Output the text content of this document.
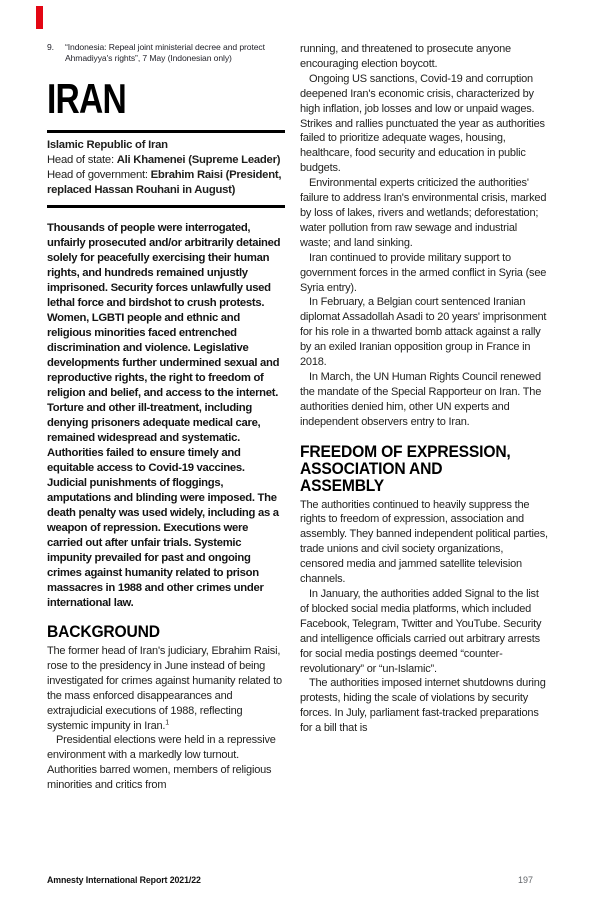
9.	“Indonesia: Repeal joint ministerial decree and protect Ahmadiyya's rights”, 7 May (Indonesian only)
IRAN
Islamic Republic of Iran
Head of state: Ali Khamenei (Supreme Leader)
Head of government: Ebrahim Raisi (President, replaced Hassan Rouhani in August)

Thousands of people were interrogated, unfairly prosecuted and/or arbitrarily detained solely for peacefully exercising their human rights, and hundreds remained unjustly imprisoned. Security forces unlawfully used lethal force and birdshot to crush protests. Women, LGBTI people and ethnic and religious minorities faced entrenched discrimination and violence. Legislative developments further undermined sexual and reproductive rights, the right to freedom of religion and belief, and access to the internet. Torture and other ill-treatment, including denying prisoners adequate medical care, remained widespread and systematic. Authorities failed to ensure timely and equitable access to Covid-19 vaccines. Judicial punishments of floggings, amputations and blinding were imposed. The death penalty was used widely, including as a weapon of repression. Executions were carried out after unfair trials. Systemic impunity prevailed for past and ongoing crimes against humanity related to prison massacres in 1988 and other crimes under international law.

BACKGROUND

The former head of Iran's judiciary, Ebrahim Raisi, rose to the presidency in June instead of being investigated for crimes against humanity related to the mass enforced disappearances and extrajudicial executions of 1988, reflecting systemic impunity in Iran.$^1$

Presidential elections were held in a repressive environment with a markedly low turnout. Authorities barred women, members of religious minorities and critics from

running, and threatened to prosecute anyone encouraging election boycott.

Ongoing US sanctions, Covid-19 and corruption deepened Iran's economic crisis, characterized by high inflation, job losses and low or unpaid wages. Strikes and rallies punctuated the year as authorities failed to prioritize adequate wages, housing, healthcare, food security and education in public budgets.

Environmental experts criticized the authorities' failure to address Iran's environmental crisis, marked by loss of lakes, rivers and wetlands; deforestation; water pollution from raw sewage and industrial waste; and land sinking.

Iran continued to provide military support to government forces in the armed conflict in Syria (see Syria entry).

In February, a Belgian court sentenced Iranian diplomat Assadollah Asadi to 20 years' imprisonment for his role in a thwarted bomb attack against a rally by an exiled Iranian opposition group in France in 2018.

In March, the UN Human Rights Council renewed the mandate of the Special Rapporteur on Iran. The authorities denied him, other UN experts and independent observers entry to Iran.

FREEDOM OF EXPRESSION, ASSOCIATION AND ASSEMBLY

The authorities continued to heavily suppress the rights to freedom of expression, association and assembly. They banned independent political parties, trade unions and civil society organizations, censored media and jammed satellite television channels.

In January, the authorities added Signal to the list of blocked social media platforms, which included Facebook, Telegram, Twitter and YouTube. Security and intelligence officials carried out arbitrary arrests for social media postings deemed “counter-revolutionary” or “un-Islamic”.

The authorities imposed internet shutdowns during protests, hiding the scale of violations by security forces. In July, parliament fast-tracked preparations for a bill that is

Amnesty International Report 2021/22	197
